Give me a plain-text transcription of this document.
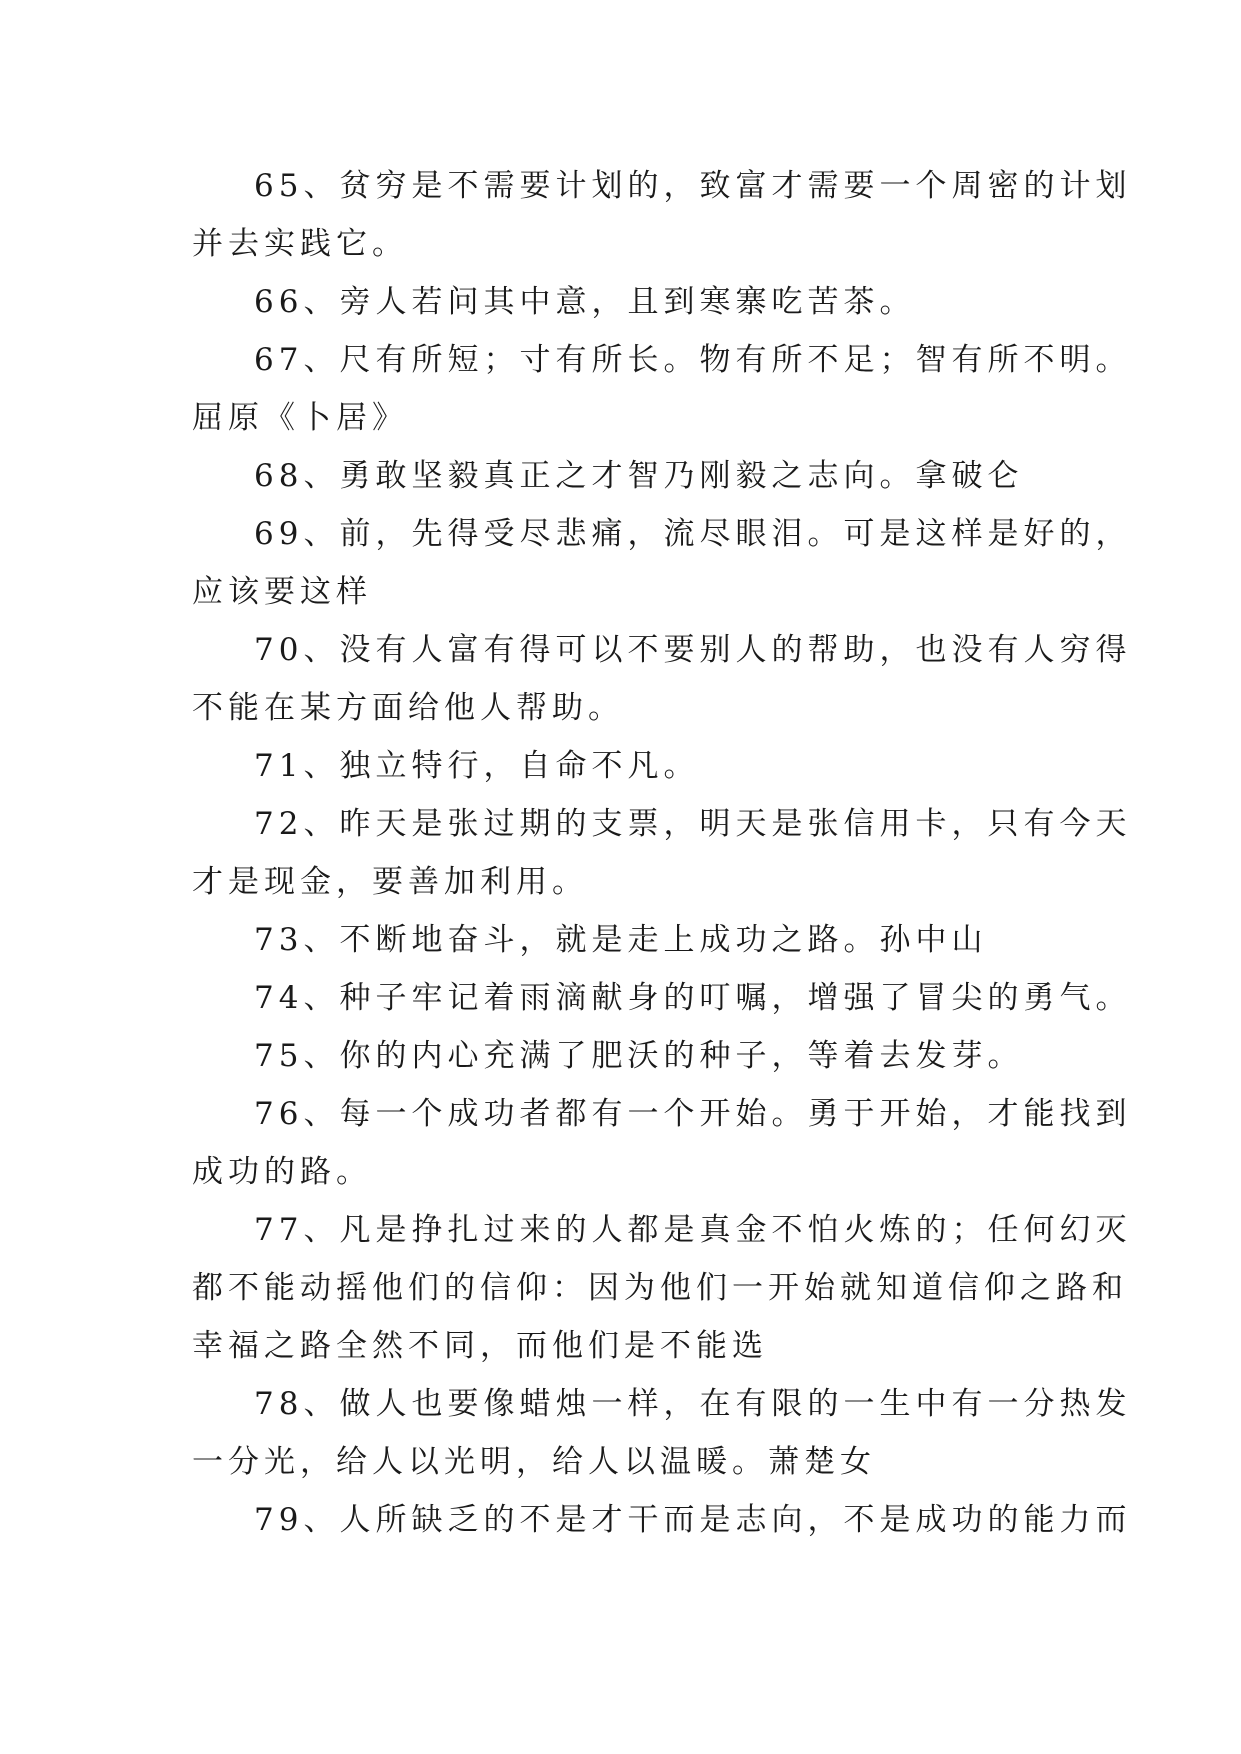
65、贫穷是不需要计划的，致富才需要一个周密的计划
并去实践它。

66、旁人若问其中意，且到寒寨吃苦茶。

67、尺有所短；寸有所长。物有所不足；智有所不明。
屈原《卜居》

68、勇敢坚毅真正之才智乃刚毅之志向。拿破仑

69、前，先得受尽悲痛，流尽眼泪。可是这样是好的，
应该要这样

70、没有人富有得可以不要别人的帮助，也没有人穷得
不能在某方面给他人帮助。

71、独立特行，自命不凡。

72、昨天是张过期的支票，明天是张信用卡，只有今天
才是现金，要善加利用。

73、不断地奋斗，就是走上成功之路。孙中山

74、种子牢记着雨滴献身的叮嘱，增强了冒尖的勇气。

75、你的内心充满了肥沃的种子，等着去发芽。

76、每一个成功者都有一个开始。勇于开始，才能找到
成功的路。

77、凡是挣扎过来的人都是真金不怕火炼的；任何幻灭
都不能动摇他们的信仰：因为他们一开始就知道信仰之路和
幸福之路全然不同，而他们是不能选

78、做人也要像蜡烛一样，在有限的一生中有一分热发
一分光，给人以光明，给人以温暖。萧楚女

79、人所缺乏的不是才干而是志向，不是成功的能力而
